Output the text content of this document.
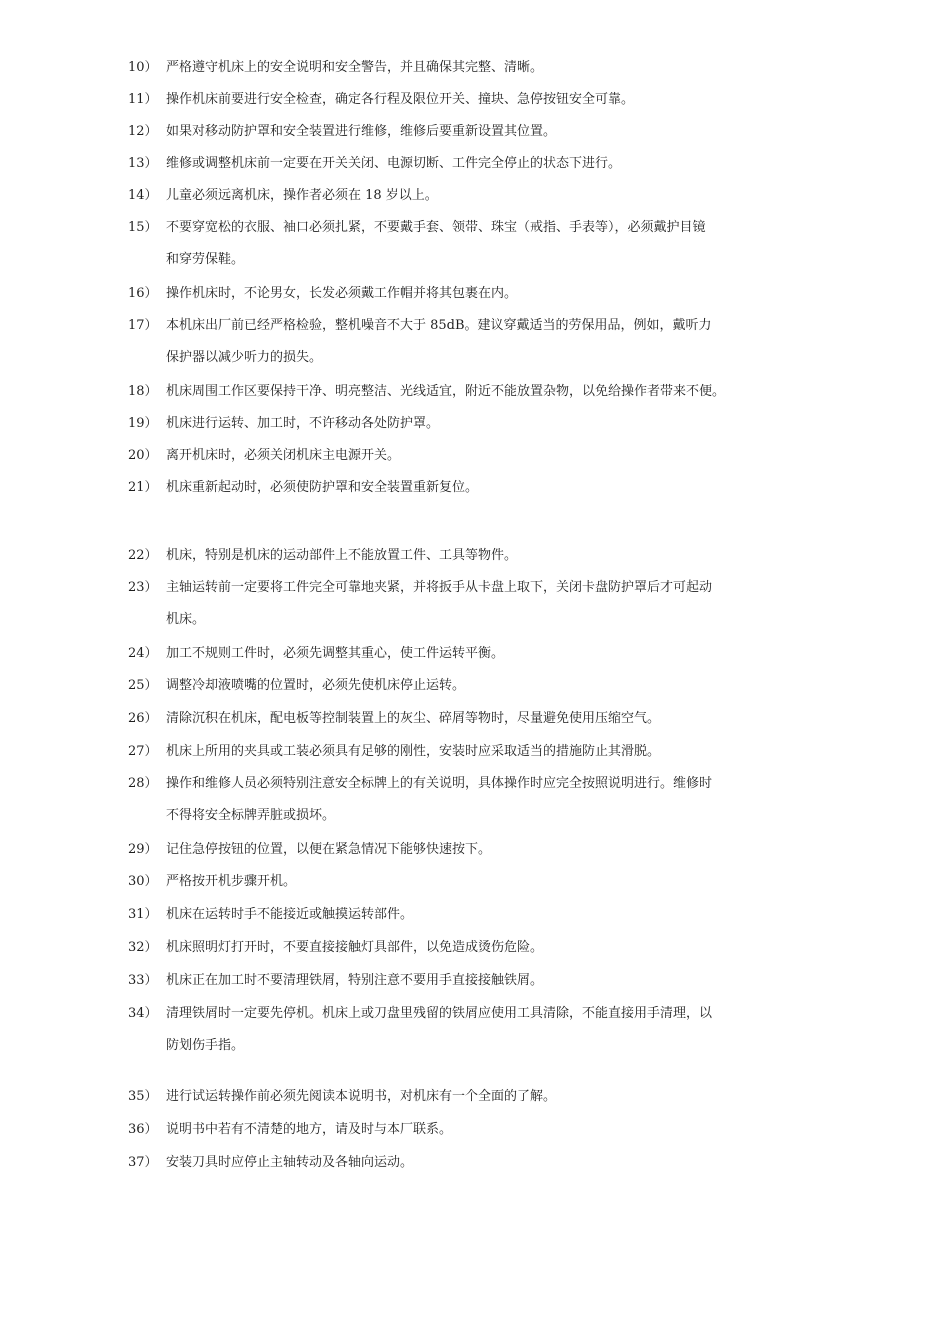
10） 严格遵守机床上的安全说明和安全警告，并且确保其完整、清晰。
11） 操作机床前要进行安全检查，确定各行程及限位开关、撞块、急停按钮安全可靠。
12） 如果对移动防护罩和安全装置进行维修，维修后要重新设置其位置。
13） 维修或调整机床前一定要在开关关闭、电源切断、工件完全停止的状态下进行。
14） 儿童必须远离机床，操作者必须在 18 岁以上。
15） 不要穿宽松的衣服、袖口必须扎紧，不要戴手套、领带、珠宝（戒指、手表等），必须戴护目镜
和穿劳保鞋。
16） 操作机床时，不论男女，长发必须戴工作帽并将其包裹在内。
17） 本机床出厂前已经严格检验，整机噪音不大于 85dB。建议穿戴适当的劳保用品，例如，戴听力
保护器以减少听力的损失。
18） 机床周围工作区要保持干净、明亮整洁、光线适宜，附近不能放置杂物，以免给操作者带来不便。
19） 机床进行运转、加工时，不许移动各处防护罩。
20） 离开机床时，必须关闭机床主电源开关。
21） 机床重新起动时，必须使防护罩和安全装置重新复位。
22） 机床，特别是机床的运动部件上不能放置工件、工具等物件。
23） 主轴运转前一定要将工件完全可靠地夹紧，并将扳手从卡盘上取下，关闭卡盘防护罩后才可起动
机床。
24） 加工不规则工件时，必须先调整其重心，使工件运转平衡。
25） 调整冷却液喷嘴的位置时，必须先使机床停止运转。
26） 清除沉积在机床，配电板等控制装置上的灰尘、碎屑等物时，尽量避免使用压缩空气。
27） 机床上所用的夹具或工装必须具有足够的刚性，安装时应采取适当的措施防止其滑脱。
28） 操作和维修人员必须特别注意安全标牌上的有关说明，具体操作时应完全按照说明进行。维修时
不得将安全标牌弄脏或损坏。
29） 记住急停按钮的位置，以便在紧急情况下能够快速按下。
30） 严格按开机步骤开机。
31） 机床在运转时手不能接近或触摸运转部件。
32） 机床照明灯打开时，不要直接接触灯具部件，以免造成烫伤危险。
33） 机床正在加工时不要清理铁屑，特别注意不要用手直接接触铁屑。
34） 清理铁屑时一定要先停机。机床上或刀盘里残留的铁屑应使用工具清除，不能直接用手清理，以
防划伤手指。
35） 进行试运转操作前必须先阅读本说明书，对机床有一个全面的了解。
36） 说明书中若有不清楚的地方，请及时与本厂联系。
37） 安装刀具时应停止主轴转动及各轴向运动。
